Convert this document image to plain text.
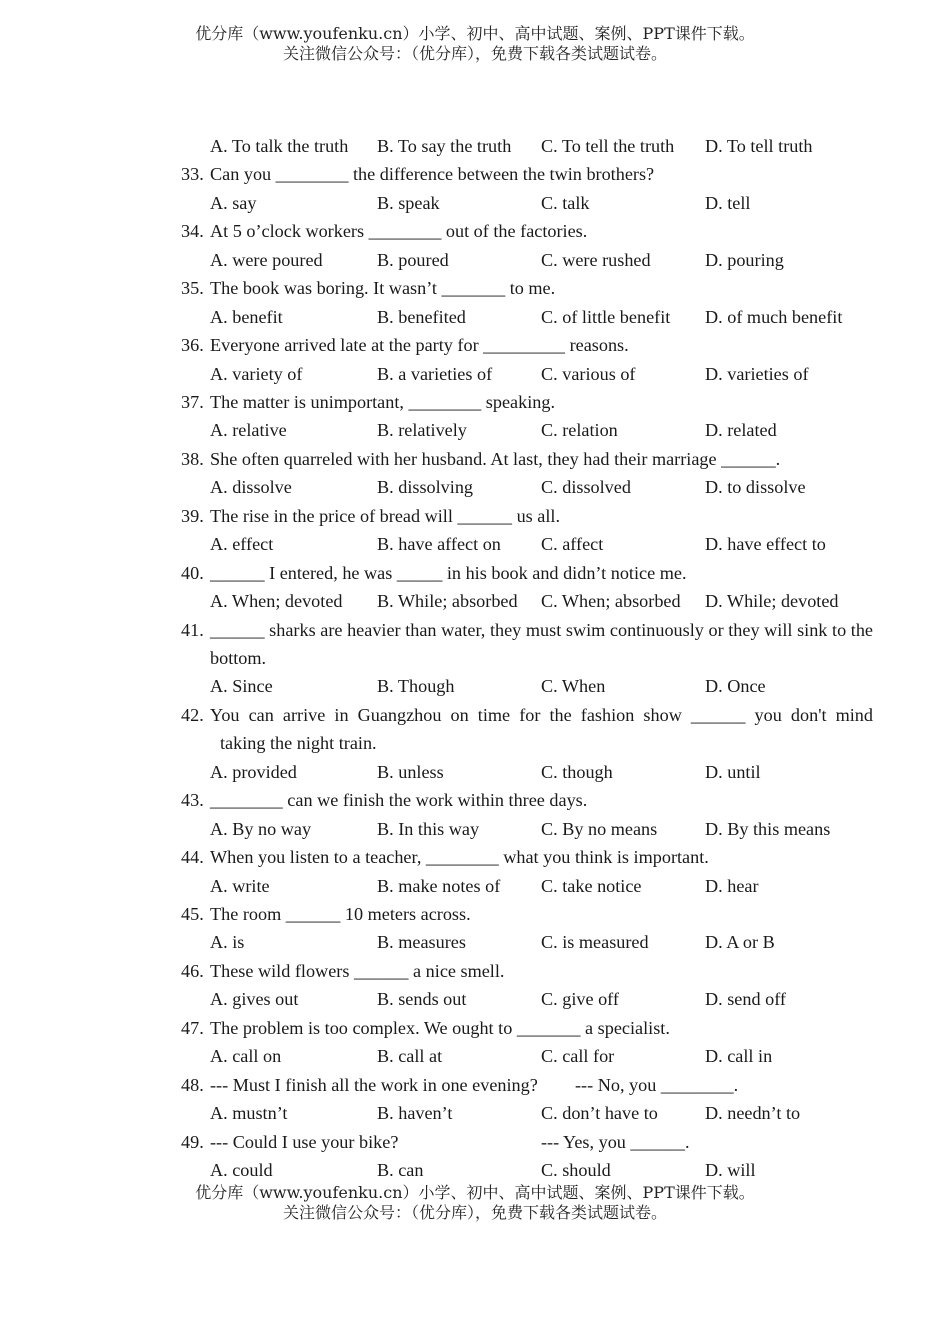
优分库（www.youfenku.cn）小学、初中、高中试题、案例、PPT课件下载。
关注微信公众号：（优分库），免费下载各类试题试卷。
A. To talk the truth B. To say the truth C. To tell the truth D. To tell truth
33. Can you ________ the difference between the twin brothers?
A. say	B. speak	C. talk	D. tell
34. At 5 o’clock workers ________ out of the factories.
A. were poured	B. poured	C. were rushed	D. pouring
35. The book was boring. It wasn’t _______ to me.
A. benefit	B. benefited	C. of little benefit D. of much benefit
36. Everyone arrived late at the party for _________ reasons.
A. variety of	B. a varieties of	C. various of	D. varieties of
37. The matter is unimportant, ________ speaking.
A. relative	B. relatively	C. relation	D. related
38. She often quarreled with her husband. At last, they had their marriage ______.
A. dissolve	B. dissolving	C. dissolved	D. to dissolve
39. The rise in the price of bread will ______ us all.
A. effect	B. have affect on C. affect	D. have effect to
40. ______ I entered, he was _____ in his book and didn’t notice me.
A. When; devoted B. While; absorbed C. When; absorbed D. While; devoted
41. ______ sharks are heavier than water, they must swim continuously or they will sink to the bottom.
A. Since	B. Though	C. When	D. Once
42. You can arrive in Guangzhou on time for the fashion show ______ you don't mind
taking the night train.
A. provided	B. unless	C. though	D. until
43. ________ can we finish the work within three days.
A. By no way	B. In this way	C. By no means	D. By this means
44. When you listen to a teacher, ________ what you think is important.
A. write	B. make notes of C. take notice	D. hear
45. The room ______ 10 meters across.
A. is	B. measures	C. is measured	D. A or B
46. These wild flowers ______ a nice smell.
A. gives out	B. sends out	C. give off	D. send off
47. The problem is too complex. We ought to _______ a specialist.
A. call on	B. call at	C. call for	D. call in
48. --- Must I finish all the work in one evening? --- No, you ________.
A. mustn’t	B. haven’t	C. don’t have to	D. needn’t to
49. --- Could I use your bike?	--- Yes, you ______.
A. could	B. can	C. should	D. will
优分库（www.youfenku.cn）小学、初中、高中试题、案例、PPT课件下载。
关注微信公众号：（优分库），免费下载各类试题试卷。
